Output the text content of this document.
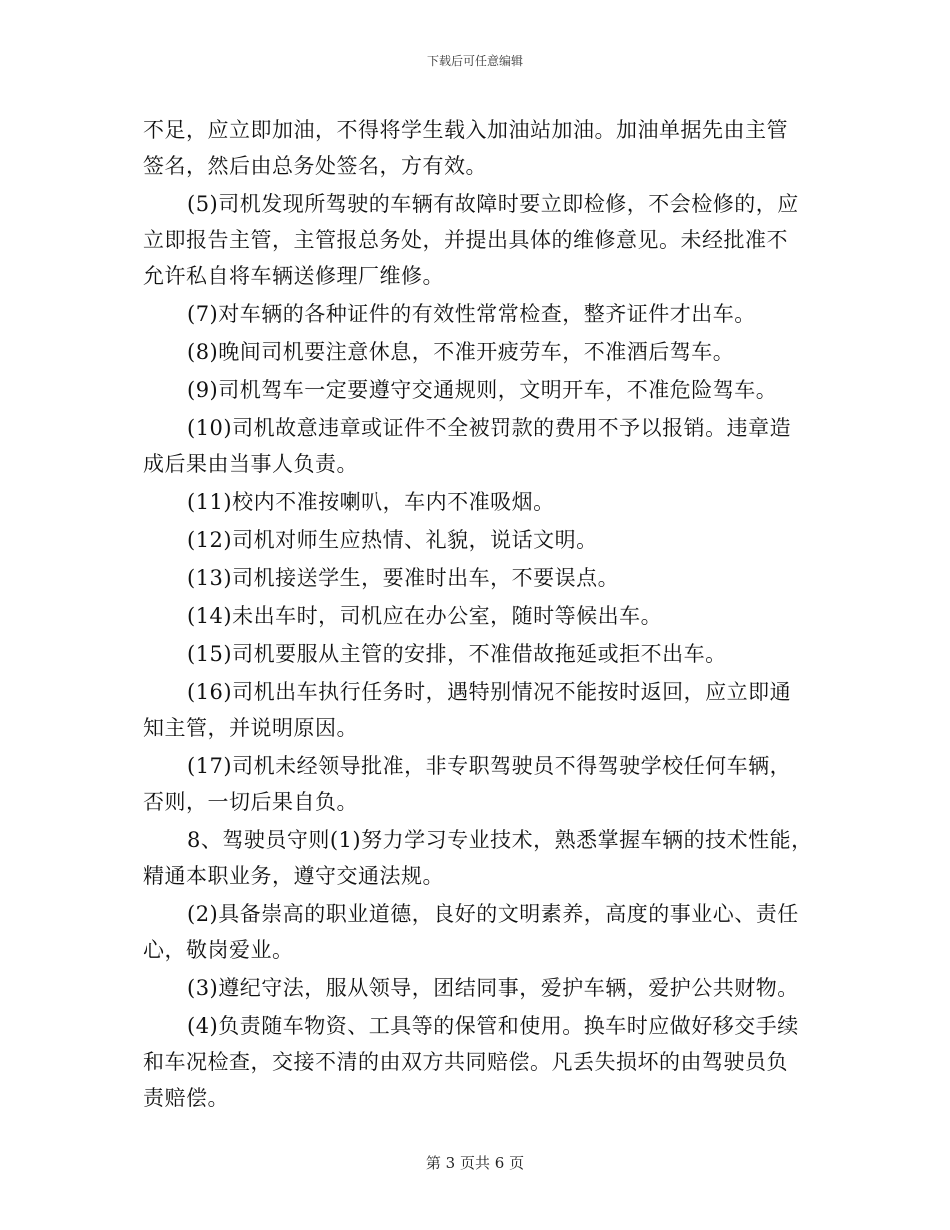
下载后可任意编辑
不足，应立即加油，不得将学生载入加油站加油。加油单据先由主管
签名，然后由总务处签名，方有效。
(5)司机发现所驾驶的车辆有故障时要立即检修，不会检修的，应
立即报告主管，主管报总务处，并提出具体的维修意见。未经批准不
允许私自将车辆送修理厂维修。
(7)对车辆的各种证件的有效性常常检查，整齐证件才出车。
(8)晚间司机要注意休息，不准开疲劳车，不准酒后驾车。
(9)司机驾车一定要遵守交通规则，文明开车，不准危险驾车。
(10)司机故意违章或证件不全被罚款的费用不予以报销。违章造
成后果由当事人负责。
(11)校内不准按喇叭，车内不准吸烟。
(12)司机对师生应热情、礼貌，说话文明。
(13)司机接送学生，要准时出车，不要误点。
(14)未出车时，司机应在办公室，随时等候出车。
(15)司机要服从主管的安排，不准借故拖延或拒不出车。
(16)司机出车执行任务时，遇特别情况不能按时返回，应立即通
知主管，并说明原因。
(17)司机未经领导批准，非专职驾驶员不得驾驶学校任何车辆，
否则，一切后果自负。
8、驾驶员守则(1)努力学习专业技术，熟悉掌握车辆的技术性能，
精通本职业务，遵守交通法规。
(2)具备崇高的职业道德，良好的文明素养，高度的事业心、责任
心，敬岗爱业。
(3)遵纪守法，服从领导，团结同事，爱护车辆，爱护公共财物。
(4)负责随车物资、工具等的保管和使用。换车时应做好移交手续
和车况检查，交接不清的由双方共同赔偿。凡丢失损坏的由驾驶员负
责赔偿。
第 3 页共 6 页
